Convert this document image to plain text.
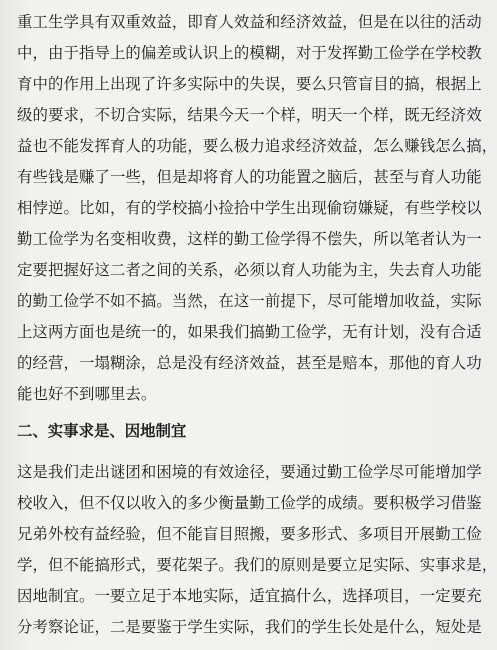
重工生学具有双重效益，即育人效益和经济效益，但是在以往的活动
中，由于指导上的偏差或认识上的模糊，对于发挥勤工俭学在学校教
育中的作用上出现了许多实际中的失误，要么只管盲目的搞，根据上
级的要求，不切合实际，结果今天一个样，明天一个样，既无经济效
益也不能发挥育人的功能，要么极力追求经济效益，怎么赚钱怎么搞，
有些钱是赚了一些，但是却将育人的功能置之脑后，甚至与育人功能
相悖逆。比如，有的学校搞小捡拾中学生出现偷窃嫌疑，有些学校以
勤工俭学为名变相收费，这样的勤工俭学得不偿失，所以笔者认为一
定要把握好这二者之间的关系，必须以育人功能为主，失去育人功能
的勤工俭学不如不搞。当然，在这一前提下，尽可能增加收益，实际
上这两方面也是统一的，如果我们搞勤工俭学，无有计划，没有合适
的经营，一塌糊涂，总是没有经济效益，甚至是赔本，那他的育人功
能也好不到哪里去。
二、实事求是、因地制宜
这是我们走出谜团和困境的有效途径，要通过勤工俭学尽可能增加学
校收入，但不仅以收入的多少衡量勤工俭学的成绩。要积极学习借鉴
兄弟外校有益经验，但不能盲目照搬，要多形式、多项目开展勤工俭
学，但不能搞形式，要花架子。我们的原则是要立足实际、实事求是，
因地制宜。一要立足于本地实际，适宜搞什么，选择项目，一定要充
分考察论证，二是要鉴于学生实际，我们的学生长处是什么，短处是
